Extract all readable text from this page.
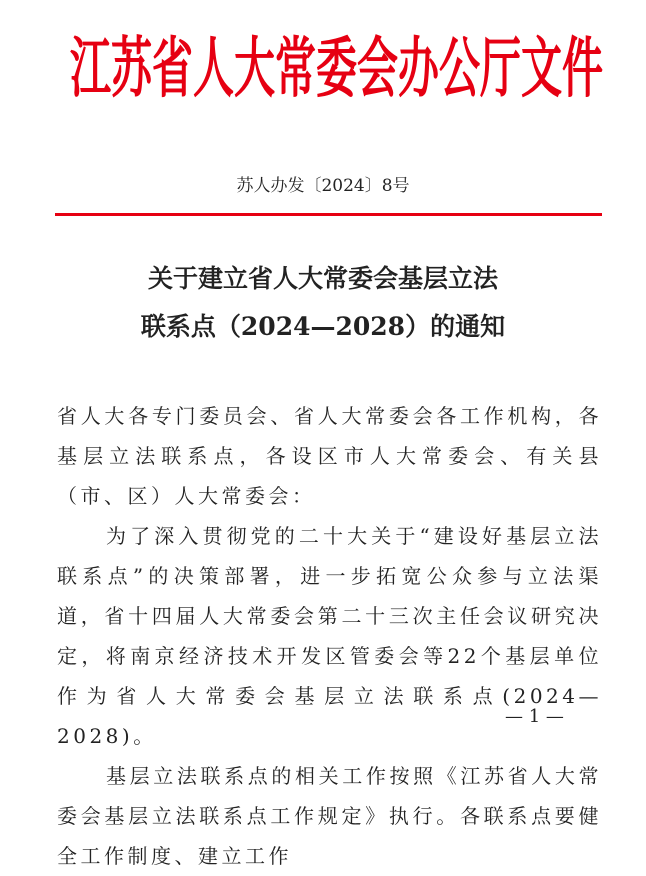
江苏省人大常委会办公厅文件
苏人办发〔2024〕8号
关于建立省人大常委会基层立法
联系点（2024—2028）的通知

省人大各专门委员会、省人大常委会各工作机构，各基层立法联系点，各设区市人大常委会、有关县（市、区）人大常委会：

为了深入贯彻党的二十大关于“建设好基层立法联系点”的决策部署，进一步拓宽公众参与立法渠道，省十四届人大常委会第二十三次主任会议研究决定，将南京经济技术开发区管委会等22个基层单位作为省人大常委会基层立法联系点(2024—2028)。

基层立法联系点的相关工作按照《江苏省人大常委会基层立法联系点工作规定》执行。各联系点要健全工作制度、建立工作

— 1 —
